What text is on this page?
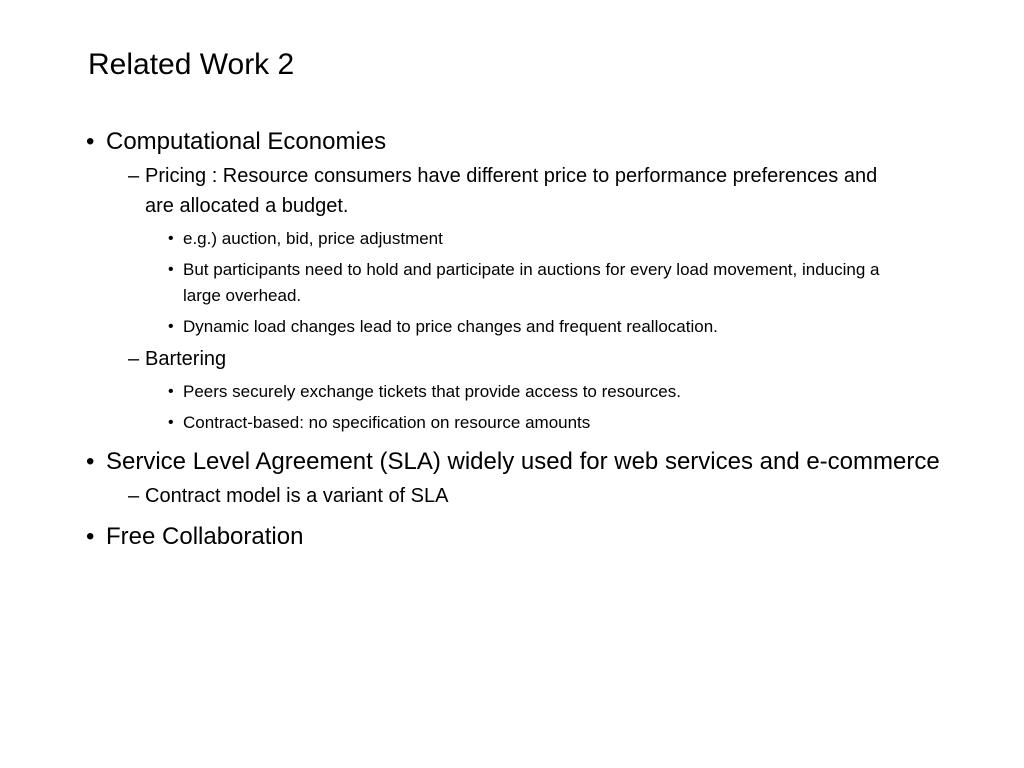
Related Work 2
• Computational Economies
– Pricing : Resource consumers have different price to performance preferences and are allocated a budget.
• e.g.) auction, bid, price adjustment
• But participants need to hold and participate in auctions for every load movement, inducing a large overhead.
• Dynamic load changes lead to price changes and frequent reallocation.
– Bartering
• Peers securely exchange tickets that provide access to resources.
• Contract-based: no specification on resource amounts
• Service Level Agreement (SLA) widely used for web services and e-commerce
– Contract model is a variant of SLA
• Free Collaboration
